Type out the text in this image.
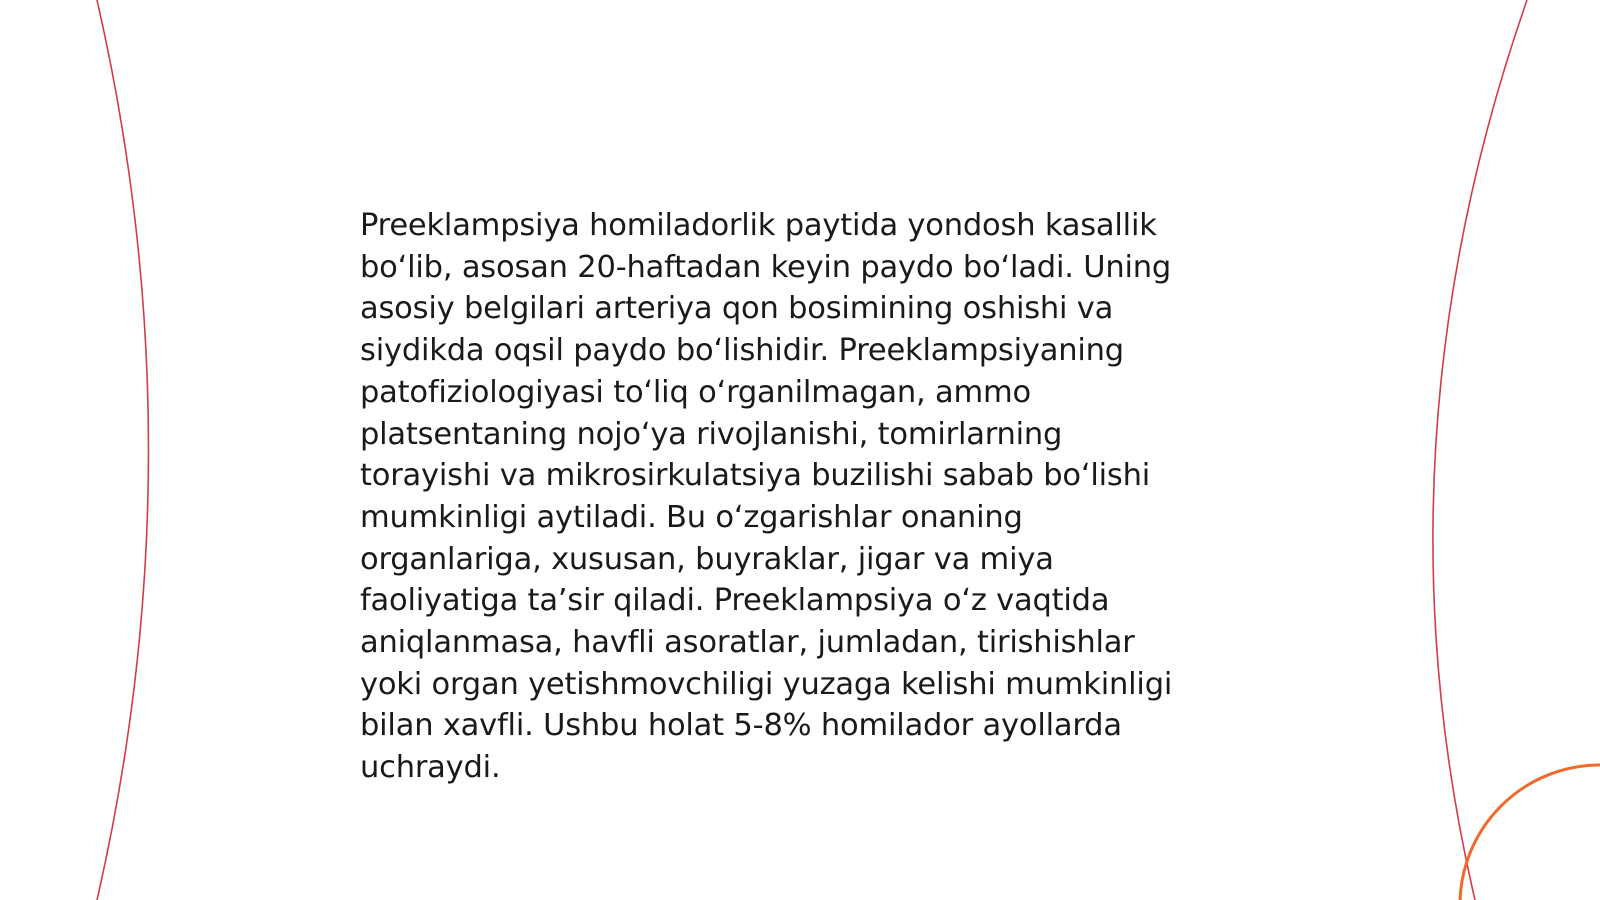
Preeklampsiya homiladorlik paytida yondosh kasallik
bo‘lib, asosan 20-haftadan keyin paydo bo‘ladi. Uning
asosiy belgilari arteriya qon bosimining oshishi va
siydikda oqsil paydo bo‘lishidir. Preeklampsiyaning
patofiziologiyasi to‘liq o‘rganilmagan, ammo
platsentaning nojo‘ya rivojlanishi, tomirlarning
torayishi va mikrosirkulatsiya buzilishi sabab bo‘lishi
mumkinligi aytiladi. Bu o‘zgarishlar onaning
organlariga, xususan, buyraklar, jigar va miya
faoliyatiga ta’sir qiladi. Preeklampsiya o‘z vaqtida
aniqlanmasa, havfli asoratlar, jumladan, tirishishlar
yoki organ yetishmovchiligi yuzaga kelishi mumkinligi
bilan xavfli. Ushbu holat 5-8% homilador ayollarda
uchraydi.
